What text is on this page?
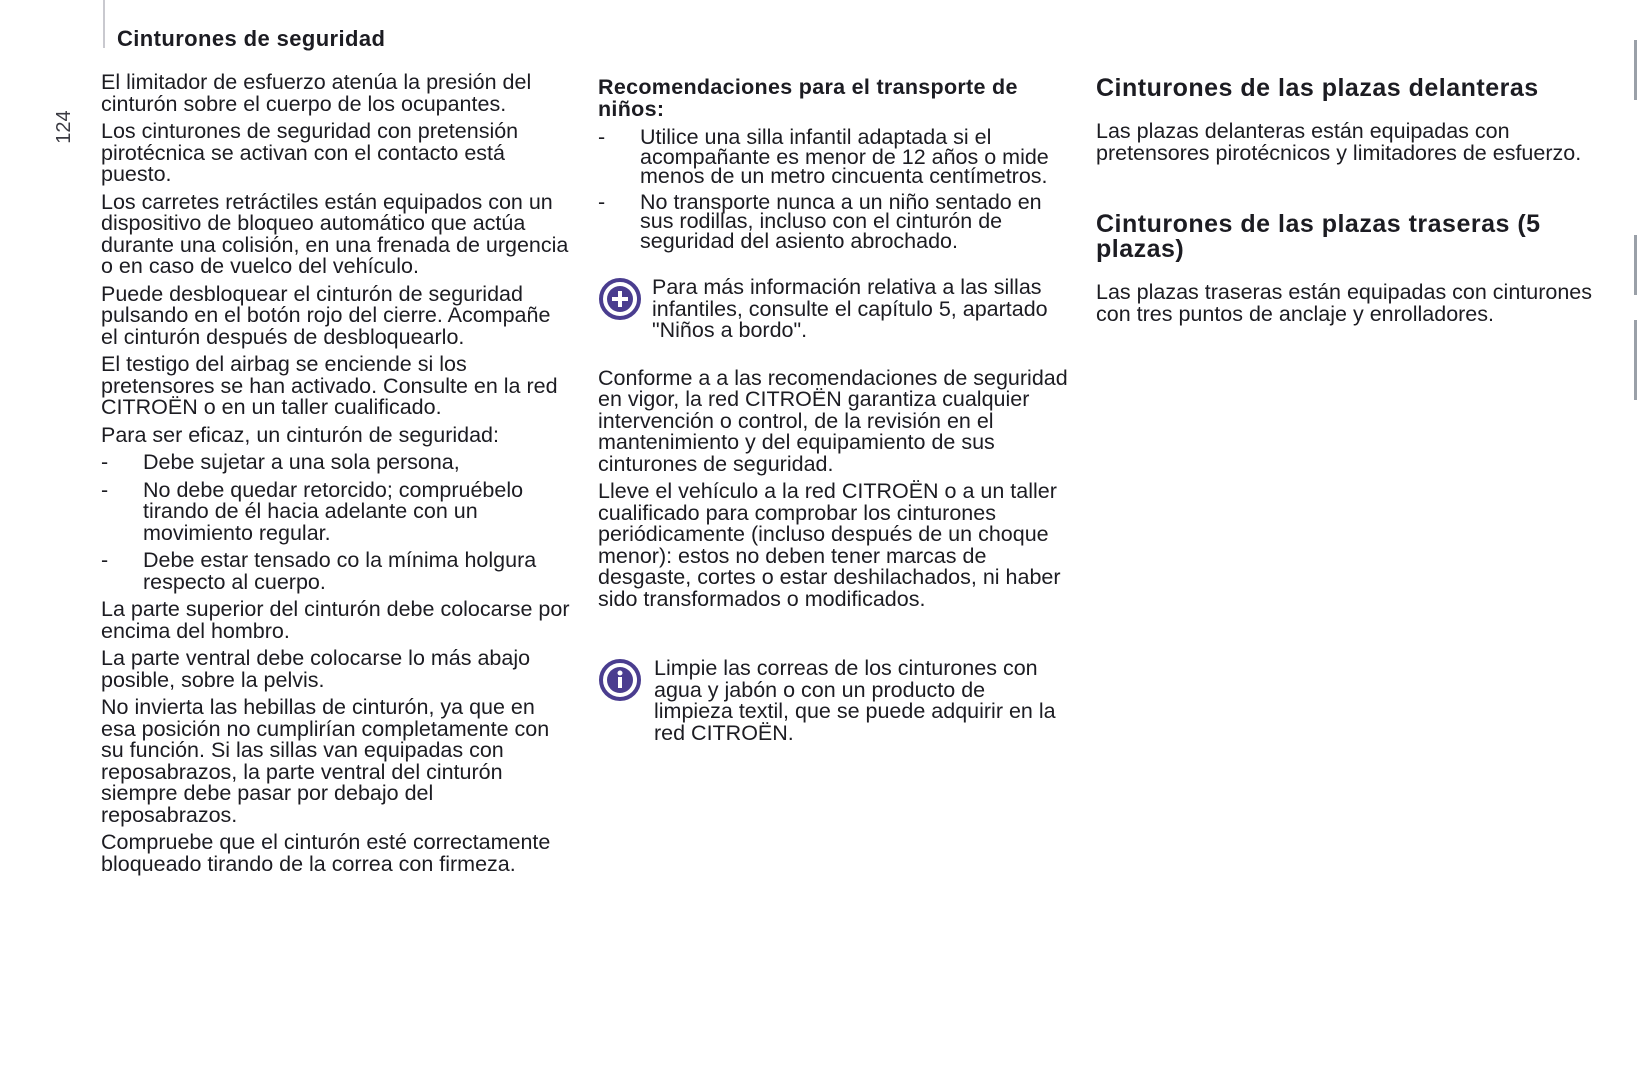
Cinturones de seguridad
124

El limitador de esfuerzo atenúa la presión del cinturón sobre el cuerpo de los ocupantes.

Los cinturones de seguridad con pretensión pirotécnica se activan con el contacto está puesto.

Los carretes retráctiles están equipados con un dispositivo de bloqueo automático que actúa durante una colisión, en una frenada de urgencia o en caso de vuelco del vehículo.

Puede desbloquear el cinturón de seguridad pulsando en el botón rojo del cierre. Acompañe el cinturón después de desbloquearlo.

El testigo del airbag se enciende si los pretensores se han activado. Consulte en la red CITROËN o en un taller cualificado.

Para ser eficaz, un cinturón de seguridad:

- Debe sujetar a una sola persona,
- No debe quedar retorcido; compruébelo tirando de él hacia adelante con un movimiento regular.
- Debe estar tensado co la mínima holgura respecto al cuerpo.

La parte superior del cinturón debe colocarse por encima del hombro.

La parte ventral debe colocarse lo más abajo posible, sobre la pelvis.

No invierta las hebillas de cinturón, ya que en esa posición no cumplirían completamente con su función. Si las sillas van equipadas con reposabrazos, la parte ventral del cinturón siempre debe pasar por debajo del reposabrazos.

Compruebe que el cinturón esté correctamente bloqueado tirando de la correa con firmeza.

Recomendaciones para el transporte de niños:
- Utilice una silla infantil adaptada si el acompañante es menor de 12 años o mide menos de un metro cincuenta centímetros.
- No transporte nunca a un niño sentado en sus rodillas, incluso con el cinturón de seguridad del asiento abrochado.
Para más información relativa a las sillas infantiles, consulte el capítulo 5, apartado "Niños a bordo".

Conforme a a las recomendaciones de seguridad en vigor, la red CITROËN garantiza cualquier intervención o control, de la revisión en el mantenimiento y del equipamiento de sus cinturones de seguridad.

Lleve el vehículo a la red CITROËN o a un taller cualificado para comprobar los cinturones periódicamente (incluso después de un choque menor): estos no deben tener marcas de desgaste, cortes o estar deshilachados, ni haber sido transformados o modificados.

Limpie las correas de los cinturones con agua y jabón o con un producto de limpieza textil, que se puede adquirir en la red CITROËN.
Cinturones de las plazas delanteras

Las plazas delanteras están equipadas con pretensores pirotécnicos y limitadores de esfuerzo.

Cinturones de las plazas traseras (5 plazas)

Las plazas traseras están equipadas con cinturones con tres puntos de anclaje y enrolladores.
